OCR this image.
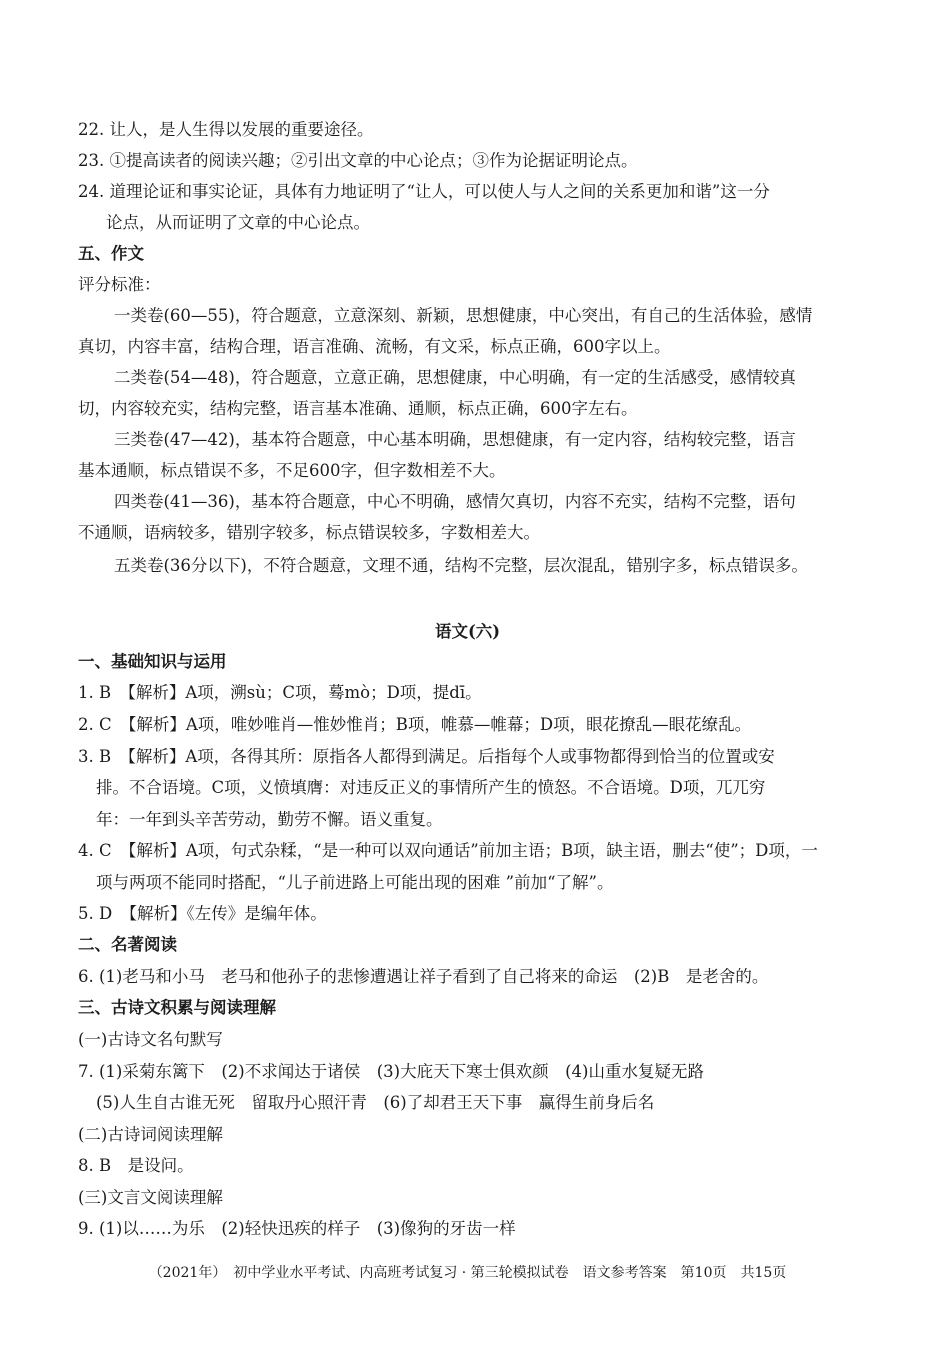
22. 让人，是人生得以发展的重要途径。
23. ①提高读者的阅读兴趣；②引出文章的中心论点；③作为论据证明论点。
24. 道理论证和事实论证，具体有力地证明了“让人，可以使人与人之间的关系更加和谐”这一分
论点，从而证明了文章的中心论点。
五、作文
评分标准：
一类卷(60—55)，符合题意，立意深刻、新颖，思想健康，中心突出，有自己的生活体验，感情
真切，内容丰富，结构合理，语言准确、流畅，有文采，标点正确，600字以上。
二类卷(54—48)，符合题意，立意正确，思想健康，中心明确，有一定的生活感受，感情较真
切，内容较充实，结构完整，语言基本准确、通顺，标点正确，600字左右。
三类卷(47—42)，基本符合题意，中心基本明确，思想健康，有一定内容，结构较完整，语言
基本通顺，标点错误不多，不足600字，但字数相差不大。
四类卷(41—36)，基本符合题意，中心不明确，感情欠真切，内容不充实，结构不完整，语句
不通顺，语病较多，错别字较多，标点错误较多，字数相差大。
五类卷(36分以下)，不符合题意，文理不通，结构不完整，层次混乱，错别字多，标点错误多。
语文(六)
一、基础知识与运用
1. B　【解析】A项，溯sù；C项，蓦mò；D项，提dī。
2. C　【解析】A项，唯妙唯肖—惟妙惟肖；B项，帷慕—帷幕；D项，眼花撩乱—眼花缭乱。
3. B　【解析】A项，各得其所：原指各人都得到满足。后指每个人或事物都得到恰当的位置或安
排。不合语境。C项，义愤填膺：对违反正义的事情所产生的愤怒。不合语境。D项，兀兀穷
年：一年到头辛苦劳动，勤劳不懈。语义重复。
4. C　【解析】A项，句式杂糅，“是一种可以双向通话”前加主语；B项，缺主语，删去“使”；D项，一
项与两项不能同时搭配，“儿子前进路上可能出现的困难 ”前加“了解”。
5. D　【解析】《左传》是编年体。
二、名著阅读
6. (1)老马和小马　老马和他孙子的悲惨遭遇让祥子看到了自己将来的命运　(2)B　是老舍的。
三、古诗文积累与阅读理解
(一)古诗文名句默写
7. (1)采菊东篱下　(2)不求闻达于诸侯　(3)大庇天下寒士俱欢颜　(4)山重水复疑无路
(5)人生自古谁无死　留取丹心照汗青　(6)了却君王天下事　赢得生前身后名
(二)古诗词阅读理解
8. B　是设问。
(三)文言文阅读理解
9. (1)以……为乐　(2)轻快迅疾的样子　(3)像狗的牙齿一样
（2021年）　初中学业水平考试、内高班考试复习 · 第三轮模拟试卷　语文参考答案　第10页　共15页
